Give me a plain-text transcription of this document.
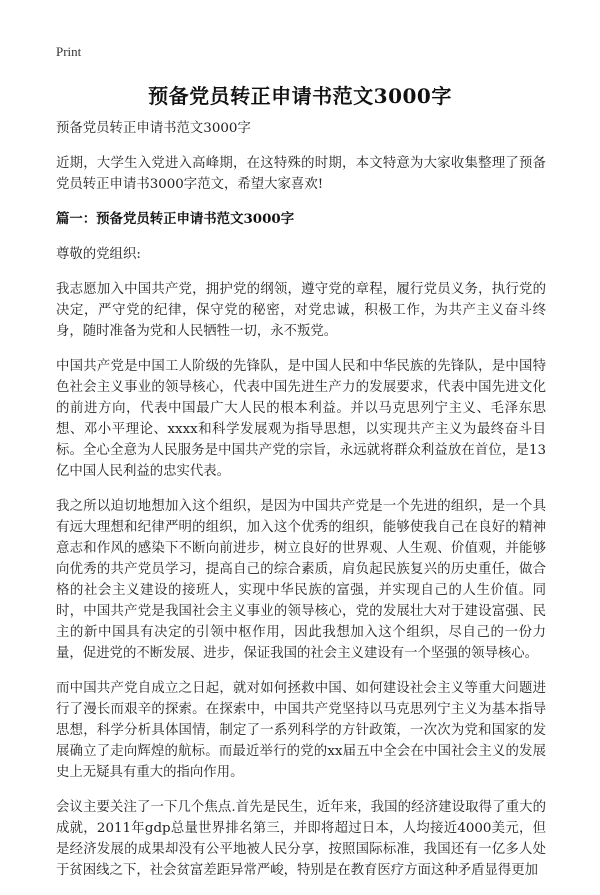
Print
预备党员转正申请书范文3000字

预备党员转正申请书范文3000字

近期，大学生入党进入高峰期，在这特殊的时期，本文特意为大家收集整理了预备党员转正申请书3000字范文，希望大家喜欢!

篇一：预备党员转正申请书范文3000字

尊敬的党组织:

我志愿加入中国共产党，拥护党的纲领，遵守党的章程，履行党员义务，执行党的决定，严守党的纪律，保守党的秘密，对党忠诚，积极工作，为共产主义奋斗终身，随时准备为党和人民牺牲一切，永不叛党。

中国共产党是中国工人阶级的先锋队，是中国人民和中华民族的先锋队，是中国特色社会主义事业的领导核心，代表中国先进生产力的发展要求，代表中国先进文化的前进方向，代表中国最广大人民的根本利益。并以马克思列宁主义、毛泽东思想、邓小平理论、xxxx和科学发展观为指导思想，以实现共产主义为最终奋斗目标。全心全意为人民服务是中国共产党的宗旨，永远就将群众利益放在首位，是13亿中国人民利益的忠实代表。

我之所以迫切地想加入这个组织，是因为中国共产党是一个先进的组织，是一个具有远大理想和纪律严明的组织，加入这个优秀的组织，能够使我自己在良好的精神意志和作风的感染下不断向前进步，树立良好的世界观、人生观、价值观，并能够向优秀的共产党员学习，提高自己的综合素质，肩负起民族复兴的历史重任，做合格的社会主义建设的接班人，实现中华民族的富强，并实现自己的人生价值。同时，中国共产党是我国社会主义事业的领导核心，党的发展壮大对于建设富强、民主的新中国具有决定的引领中枢作用，因此我想加入这个组织，尽自己的一份力量，促进党的不断发展、进步，保证我国的社会主义建设有一个坚强的领导核心。

而中国共产党自成立之日起，就对如何拯救中国、如何建设社会主义等重大问题进行了漫长而艰辛的探索。在探索中，中国共产党坚持以马克思列宁主义为基本指导思想，科学分析具体国情，制定了一系列科学的方针政策，一次次为党和国家的发展确立了走向辉煌的航标。而最近举行的党的xx届五中全会在中国社会主义的发展史上无疑具有重大的指向作用。

会议主要关注了一下几个焦点.首先是民生，近年来，我国的经济建设取得了重大的成就，2011年gdp总量世界排名第三，并即将超过日本，人均接近4000美元，但是经济发展的成果却没有公平地被人民分享，按照国际标准，我国还有一亿多人处于贫困线之下，社会贫富差距异常严峻，特别是在教育医疗方面这种矛盾显得更加
